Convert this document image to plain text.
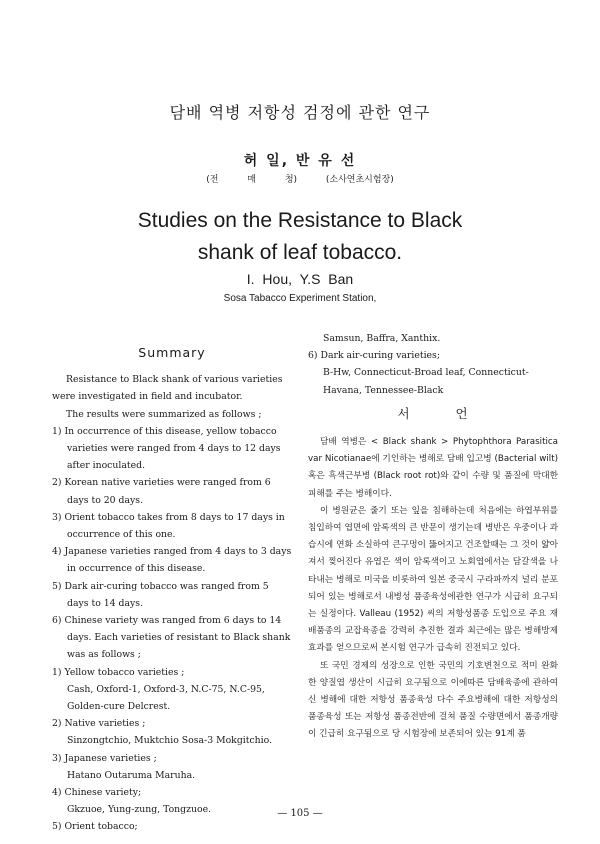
담배 역병 저항성 검정에 관한 연구
허 일, 반 유 선
(전 매 청) (소사연초시험장)
Studies on the Resistance to Black
shank of leaf tobacco.
I. Hou, Y.S Ban
Sosa Tabacco Experiment Station,
Summary

Resistance to Black shank of various varieties were investigated in field and incubator.

The results were summarized as follows ;

1) In occurrence of this disease, yellow tobacco varieties were ranged from 4 days to 12 days after inoculated.

2) Korean native varieties were ranged from 6 days to 20 days.

3) Orient tobacco takes from 8 days to 17 days in occurrence of this one.

4) Japanese varieties ranged from 4 days to 3 days in occurrence of this disease.

5) Dark air-curing tobacco was ranged from 5 days to 14 days.

6) Chinese variety was ranged from 6 days to 14 days. Each varieties of resistant to Black shank was as follows ;

1) Yellow tobacco varieties ;

Cash, Oxford-1, Oxford-3, N.C-75, N.C-95, Golden-cure Delcrest.

2) Native varieties ;

Sinzongtchio, Muktchio Sosa-3 Mokgitchio.

3) Japanese varieties ;

Hatano Outaruma Maruha.

4) Chinese variety;

Gkzuoe, Yung-zung, Tongzuoe.

5) Orient tobacco;

Samsun, Baffra, Xanthix.

6) Dark air-curing varieties;

B-Hw, Connecticut-Broad leaf, Connecticut-Havana, Tennessee-Black

서 언

담배 역병은 < Black shank > Phytophthora Parasitica var Nicotianae에 기인하는 병해로 담배 입고병 (Bacterial wilt) 혹은 흑색근부병 (Black root rot)와 같이 수량 및 품질에 막대한 피해를 주는 병해이다.

이 병원균은 줄기 또는 잎을 침해하는데 처음에는 하엽부위를 침입하여 엽면에 암록색의 큰 반문이 생기는데 병반은 우중이나 과습시에 연화 소실하여 큰구멍이 뚫어지고 건조할때는 그 것이 얇아져서 찢어진다 유엽은 색이 암록색이고 노회엽에서는 담갈색을 나타내는 병해로 미국을 비롯하여 일본 중국시 구라파까지 널리 분포되어 있는 병해로서 내병성 품종육성에관한 연구가 시급히 요구되는 실정이다. Valleau (1952) 씨의 저항성품종 도입으로 주요 재배품종의 교잡육종을 강력히 추진한 결과 최근에는 많은 병해방제 효과를 얻으므로써 본시험 연구가 급속히 진전되고 있다.

또 국민 경제의 성장으로 인한 국민의 기호변천으로 적미 완화한 양질엽 생산이 시급히 요구됨으로 이에따른 담배육종에 관하여 신 병해에 대한 저항성 품종육성 다수 주요병해에 대한 저항성의 품종육성 또는 저항성 품종전반에 걸쳐 품질 수량면에서 품종개량이 긴급히 요구됨으로 당 시험장에 보존되어 있는 91계 품

— 105 —
